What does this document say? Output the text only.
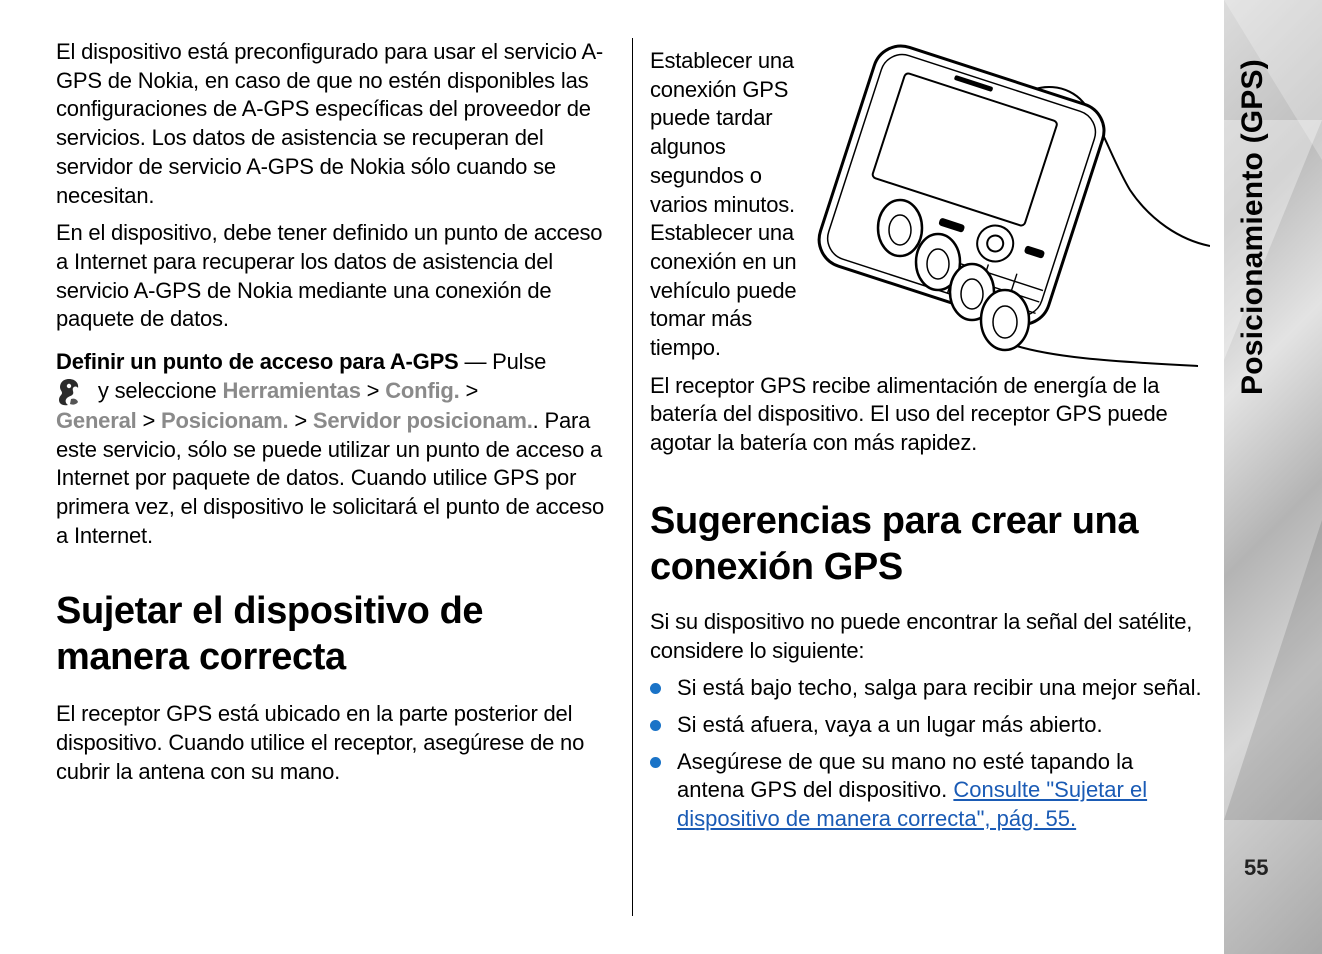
Posicionamiento (GPS)
55

El dispositivo está preconfigurado para usar el servicio A-GPS de Nokia, en caso de que no estén disponibles las configuraciones de A-GPS específicas del proveedor de servicios. Los datos de asistencia se recuperan del servidor de servicio A-GPS de Nokia sólo cuando se necesitan.

En el dispositivo, debe tener definido un punto de acceso a Internet para recuperar los datos de asistencia del servicio A-GPS de Nokia mediante una conexión de paquete de datos.

Definir un punto de acceso para A-GPS — Pulse
y seleccione Herramientas > Config. >
General > Posicionam. > Servidor posicionam.. Para este servicio, sólo se puede utilizar un punto de acceso a Internet por paquete de datos. Cuando utilice GPS por primera vez, el dispositivo le solicitará el punto de acceso a Internet.

Sujetar el dispositivo de manera correcta

El receptor GPS está ubicado en la parte posterior del dispositivo. Cuando utilice el receptor, asegúrese de no cubrir la antena con su mano.

Establecer una conexión GPS puede tardar algunos segundos o varios minutos. Establecer una conexión en un vehículo puede tomar más tiempo.

El receptor GPS recibe alimentación de energía de la batería del dispositivo. El uso del receptor GPS puede agotar la batería con más rapidez.

Sugerencias para crear una conexión GPS

Si su dispositivo no puede encontrar la señal del satélite, considere lo siguiente:

Si está bajo techo, salga para recibir una mejor señal.
Si está afuera, vaya a un lugar más abierto.
Asegúrese de que su mano no esté tapando la antena GPS del dispositivo. Consulte "Sujetar el dispositivo de manera correcta", pág. 55.
